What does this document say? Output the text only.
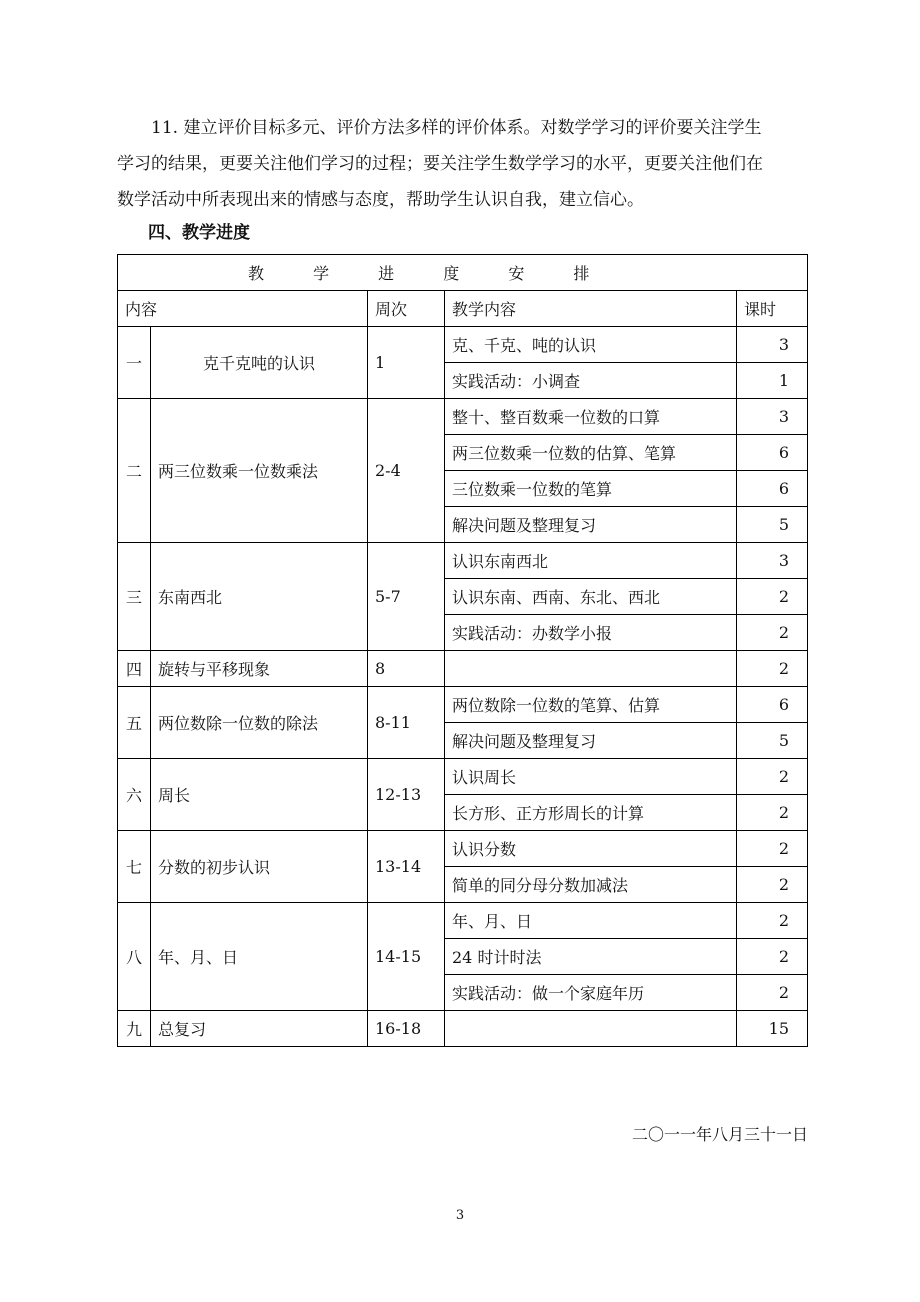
11. 建立评价目标多元、评价方法多样的评价体系。对数学学习的评价要关注学生
学习的结果，更要关注他们学习的过程；要关注学生数学学习的水平，更要关注他们在
数学活动中所表现出来的情感与态度，帮助学生认识自我，建立信心。
四、教学进度
教 学 进 度 安 排				
内容		周次	教学内容	课时
一	克千克吨的认识	1	克、千克、吨的认识	3
			实践活动：小调查	1
二	两三位数乘一位数乘法	2-4	整十、整百数乘一位数的口算	3
			两三位数乘一位数的估算、笔算	6
			三位数乘一位数的笔算	6
			解决问题及整理复习	5
三	东南西北	5-7	认识东南西北	3
			认识东南、西南、东北、西北	2
			实践活动：办数学小报	2
四	旋转与平移现象	8		2
五	两位数除一位数的除法	8-11	两位数除一位数的笔算、估算	6
			解决问题及整理复习	5
六	周长	12-13	认识周长	2
			长方形、正方形周长的计算	2
七	分数的初步认识	13-14	认识分数	2
			简单的同分母分数加减法	2
八	年、月、日	14-15	年、月、日	2
			24 时计时法	2
			实践活动：做一个家庭年历	2
九	总复习	16-18		15
二〇一一年八月三十一日
3
